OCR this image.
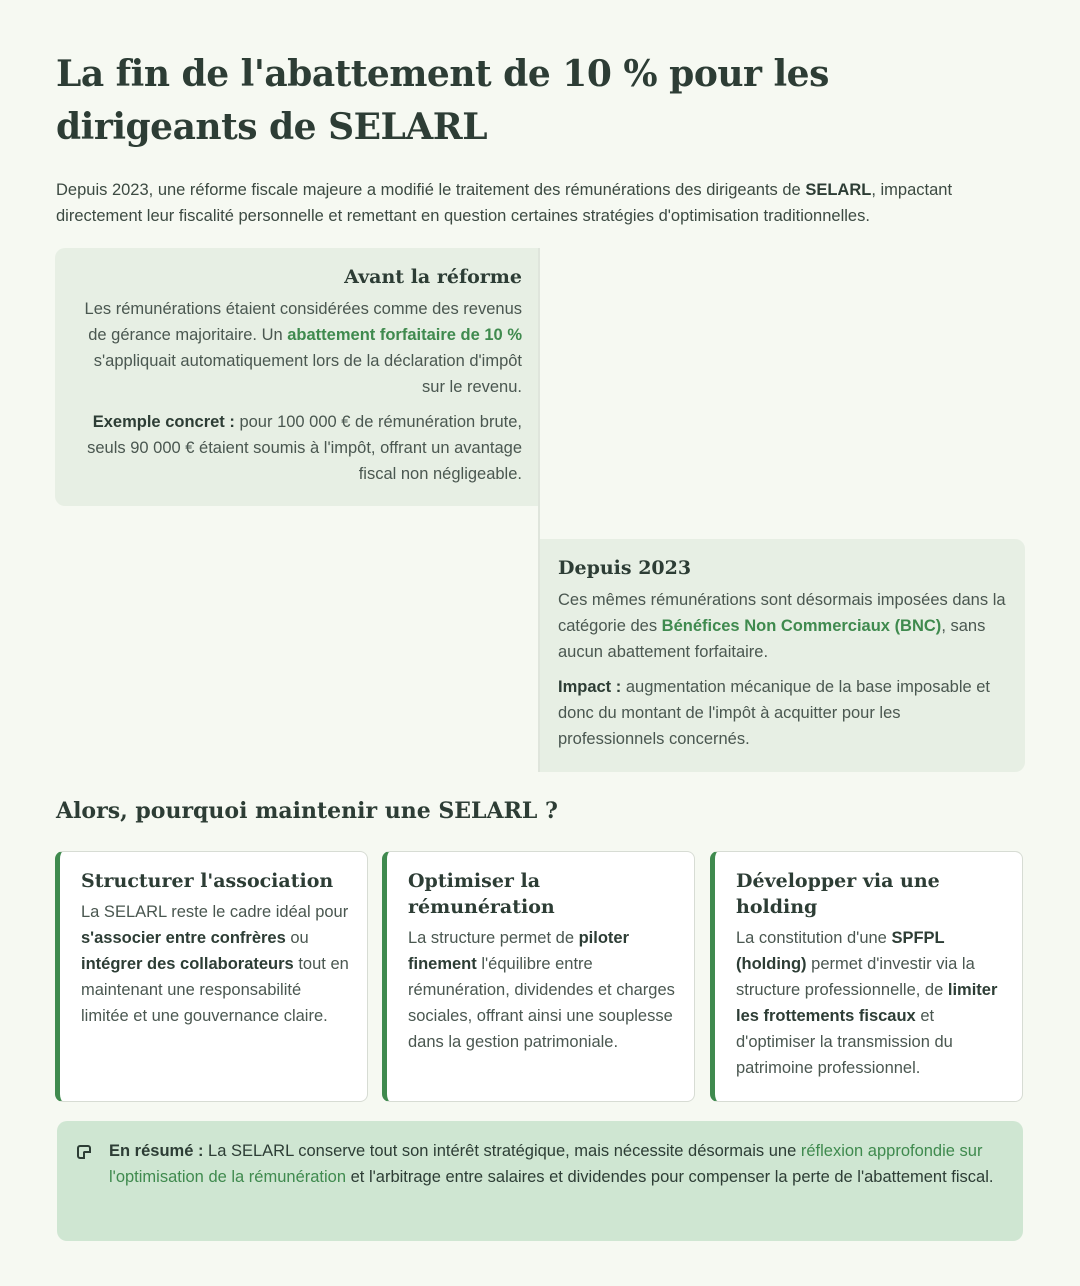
La fin de l'abattement de 10 % pour les dirigeants de SELARL

Depuis 2023, une réforme fiscale majeure a modifié le traitement des rémunérations des dirigeants de SELARL, impactant directement leur fiscalité personnelle et remettant en question certaines stratégies d'optimisation traditionnelles.

Avant la réforme

Les rémunérations étaient considérées comme des revenus de gérance majoritaire. Un abattement forfaitaire de 10 % s'appliquait automatiquement lors de la déclaration d'impôt sur le revenu.

Exemple concret : pour 100 000 € de rémunération brute, seuls 90 000 € étaient soumis à l'impôt, offrant un avantage fiscal non négligeable.

Depuis 2023

Ces mêmes rémunérations sont désormais imposées dans la catégorie des Bénéfices Non Commerciaux (BNC), sans aucun abattement forfaitaire.

Impact : augmentation mécanique de la base imposable et donc du montant de l'impôt à acquitter pour les professionnels concernés.

Alors, pourquoi maintenir une SELARL ?
Structurer l'association

La SELARL reste le cadre idéal pour s'associer entre confrères ou intégrer des collaborateurs tout en maintenant une responsabilité limitée et une gouvernance claire.

Optimiser la rémunération

La structure permet de piloter finement l'équilibre entre rémunération, dividendes et charges sociales, offrant ainsi une souplesse dans la gestion patrimoniale.

Développer via une holding

La constitution d'une SPFPL (holding) permet d'investir via la structure professionnelle, de limiter les frottements fiscaux et d'optimiser la transmission du patrimoine professionnel.

En résumé : La SELARL conserve tout son intérêt stratégique, mais nécessite désormais une réflexion approfondie sur l'optimisation de la rémunération et l'arbitrage entre salaires et dividendes pour compenser la perte de l'abattement fiscal.
